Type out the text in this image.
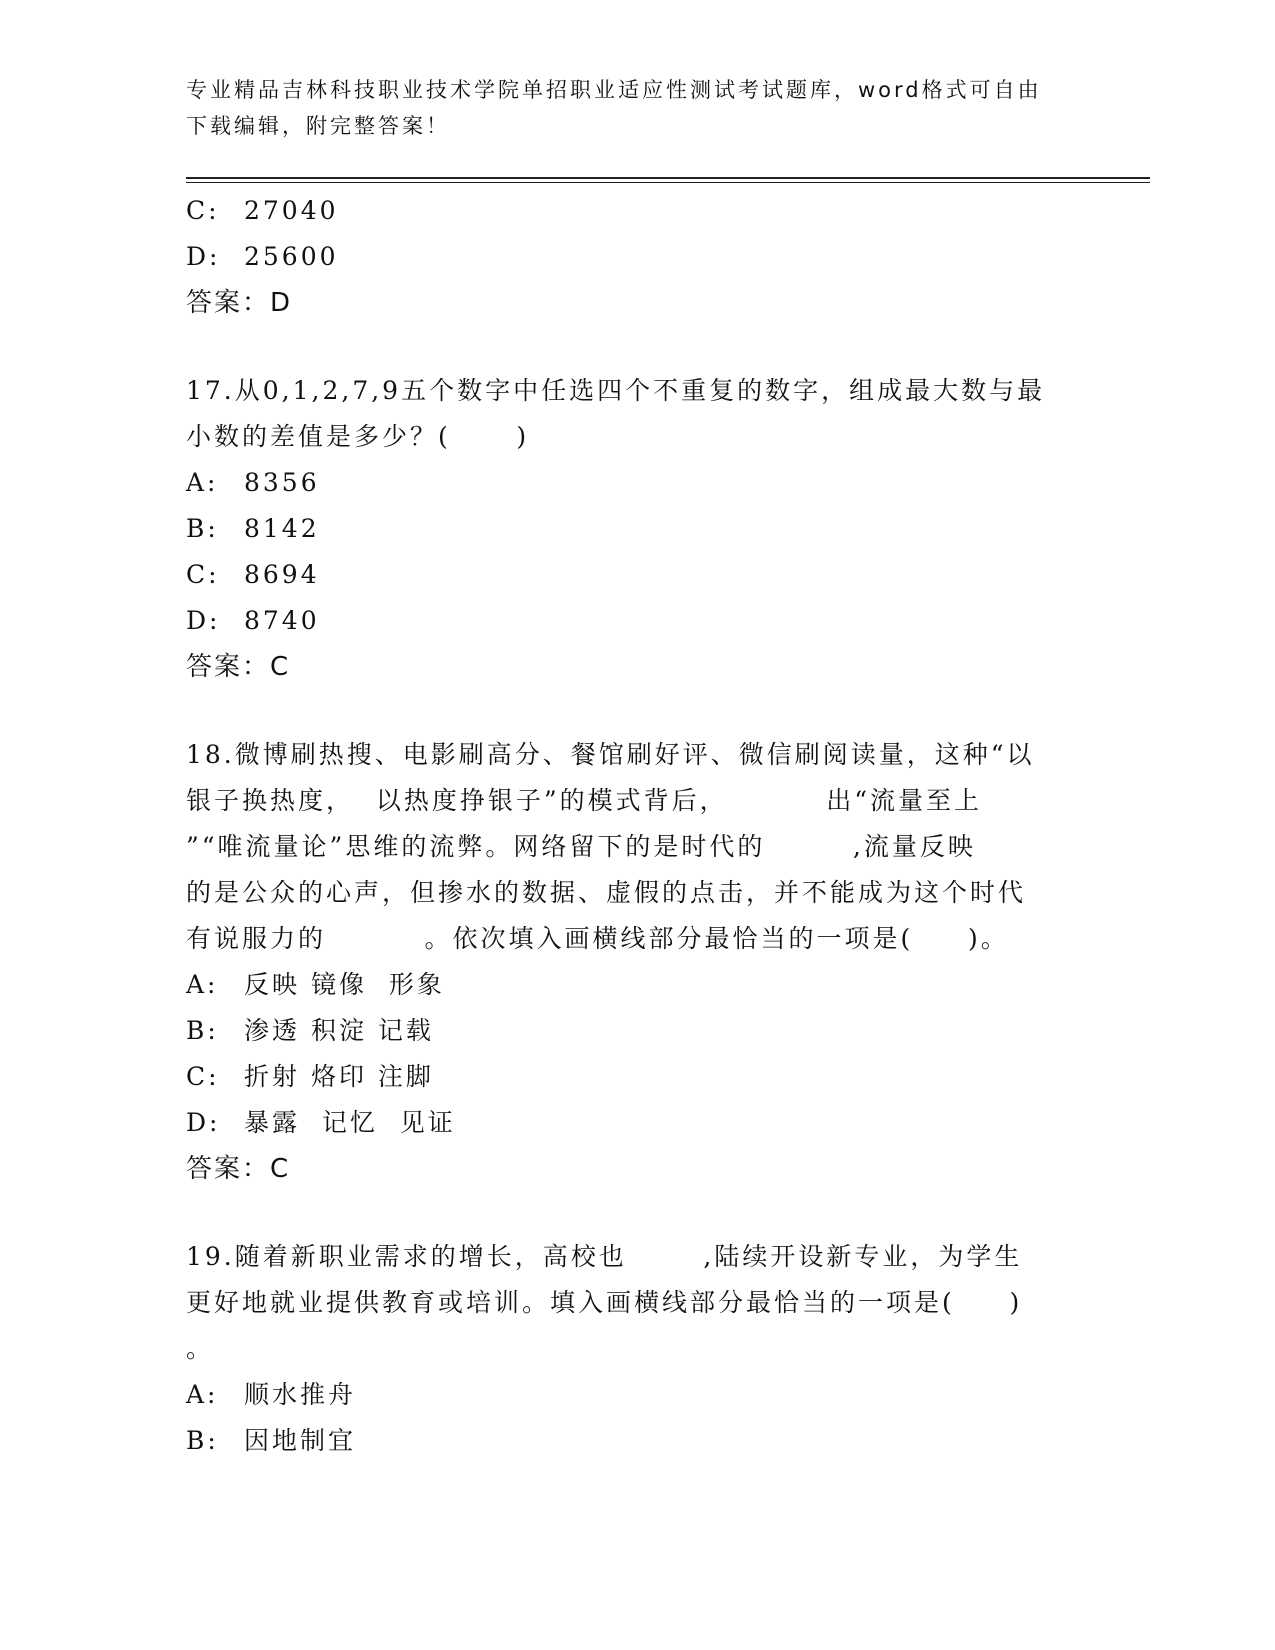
专业精品吉林科技职业技术学院单招职业适应性测试考试题库，word格式可自由
下载编辑，附完整答案！
C: 27040
D: 25600
答案：D
17.从0,1,2,7,9五个数字中任选四个不重复的数字，组成最大数与最
小数的差值是多少？(      )
A: 8356
B: 8142
C: 8694
D: 8740
答案：C
18.微博刷热搜、电影刷高分、餐馆刷好评、微信刷阅读量，这种“以
银子换热度，  以热度挣银子”的模式背后，         出“流量至上
”“唯流量论”思维的流弊。网络留下的是时代的        ,流量反映
的是公众的心声，但掺水的数据、虚假的点击，并不能成为这个时代
有说服力的         。依次填入画横线部分最恰当的一项是(     )。
A: 反映 镜像  形象
B: 渗透 积淀 记载
C: 折射 烙印 注脚
D: 暴露  记忆  见证
答案：C
19.随着新职业需求的增长，高校也       ,陆续开设新专业，为学生
更好地就业提供教育或培训。填入画横线部分最恰当的一项是(     )
。
A: 顺水推舟
B: 因地制宜
